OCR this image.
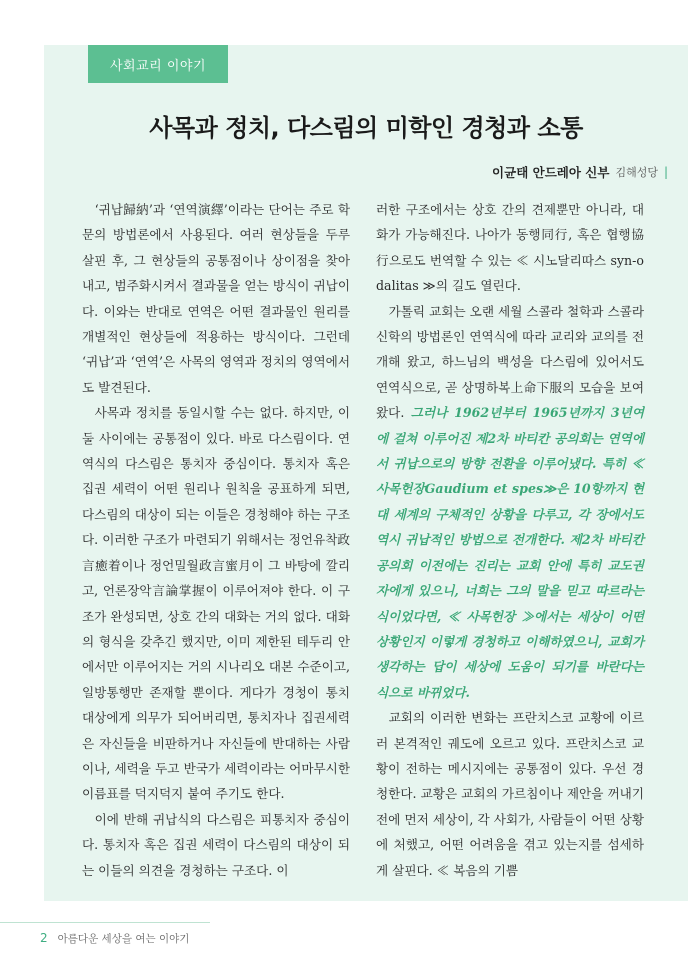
사회교리 이야기
사목과 정치, 다스림의 미학인 경청과 소통
이균태 안드레아 신부 김해성당 |

‘귀납歸納’과 ‘연역演繹’이라는 단어는 주로 학문의 방법론에서 사용된다. 여러 현상들을 두루 살핀 후, 그 현상들의 공통점이나 상이점을 찾아내고, 범주화시켜서 결과물을 얻는 방식이 귀납이다. 이와는 반대로 연역은 어떤 결과물인 원리를 개별적인 현상들에 적용하는 방식이다. 그런데 ‘귀납’과 ‘연역’은 사목의 영역과 정치의 영역에서도 발견된다.

사목과 정치를 동일시할 수는 없다. 하지만, 이 둘 사이에는 공통점이 있다. 바로 다스림이다. 연역식의 다스림은 통치자 중심이다. 통치자 혹은 집권 세력이 어떤 원리나 원칙을 공표하게 되면, 다스림의 대상이 되는 이들은 경청해야 하는 구조다. 이러한 구조가 마련되기 위해서는 정언유착政言癒着이나 정언밀월政言蜜月이 그 바탕에 깔리고, 언론장악言論掌握이 이루어져야 한다. 이 구조가 완성되면, 상호 간의 대화는 거의 없다. 대화의 형식을 갖추긴 했지만, 이미 제한된 테두리 안에서만 이루어지는 거의 시나리오 대본 수준이고, 일방통행만 존재할 뿐이다. 게다가 경청이 통치 대상에게 의무가 되어버리면, 통치자나 집권세력은 자신들을 비판하거나 자신들에 반대하는 사람이나, 세력을 두고 반국가 세력이라는 어마무시한 이름표를 덕지덕지 붙여 주기도 한다.

이에 반해 귀납식의 다스림은 피통치자 중심이다. 통치자 혹은 집권 세력이 다스림의 대상이 되는 이들의 의견을 경청하는 구조다. 이

러한 구조에서는 상호 간의 견제뿐만 아니라, 대화가 가능해진다. 나아가 동행同行, 혹은 협행協行으로도 번역할 수 있는 ≪ 시노달리따스 syn-odalitas ≫의 길도 열린다.

가톨릭 교회는 오랜 세월 스콜라 철학과 스콜라 신학의 방법론인 연역식에 따라 교리와 교의를 전개해 왔고, 하느님의 백성을 다스림에 있어서도 연역식으로, 곧 상명하복上命下服의 모습을 보여왔다. 그러나 1962년부터 1965년까지 3년여에 걸쳐 이루어진 제2차 바티칸 공의회는 연역에서 귀납으로의 방향 전환을 이루어냈다. 특히 ≪ 사목헌장Gaudium et spes≫은 10항까지 현대 세계의 구체적인 상황을 다루고, 각 장에서도 역시 귀납적인 방법으로 전개한다. 제2차 바티칸 공의회 이전에는 진리는 교회 안에 특히 교도권자에게 있으니, 너희는 그의 말을 믿고 따르라는 식이었다면, ≪ 사목헌장 ≫에서는 세상이 어떤 상황인지 이렇게 경청하고 이해하였으니, 교회가 생각하는 답이 세상에 도움이 되기를 바란다는 식으로 바뀌었다.

교회의 이러한 변화는 프란치스코 교황에 이르러 본격적인 궤도에 오르고 있다. 프란치스코 교황이 전하는 메시지에는 공통점이 있다. 우선 경청한다. 교황은 교회의 가르침이나 제안을 꺼내기 전에 먼저 세상이, 각 사회가, 사람들이 어떤 상황에 처했고, 어떤 어려움을 겪고 있는지를 섬세하게 살핀다. ≪ 복음의 기쁨

2 아름다운 세상을 여는 이야기
